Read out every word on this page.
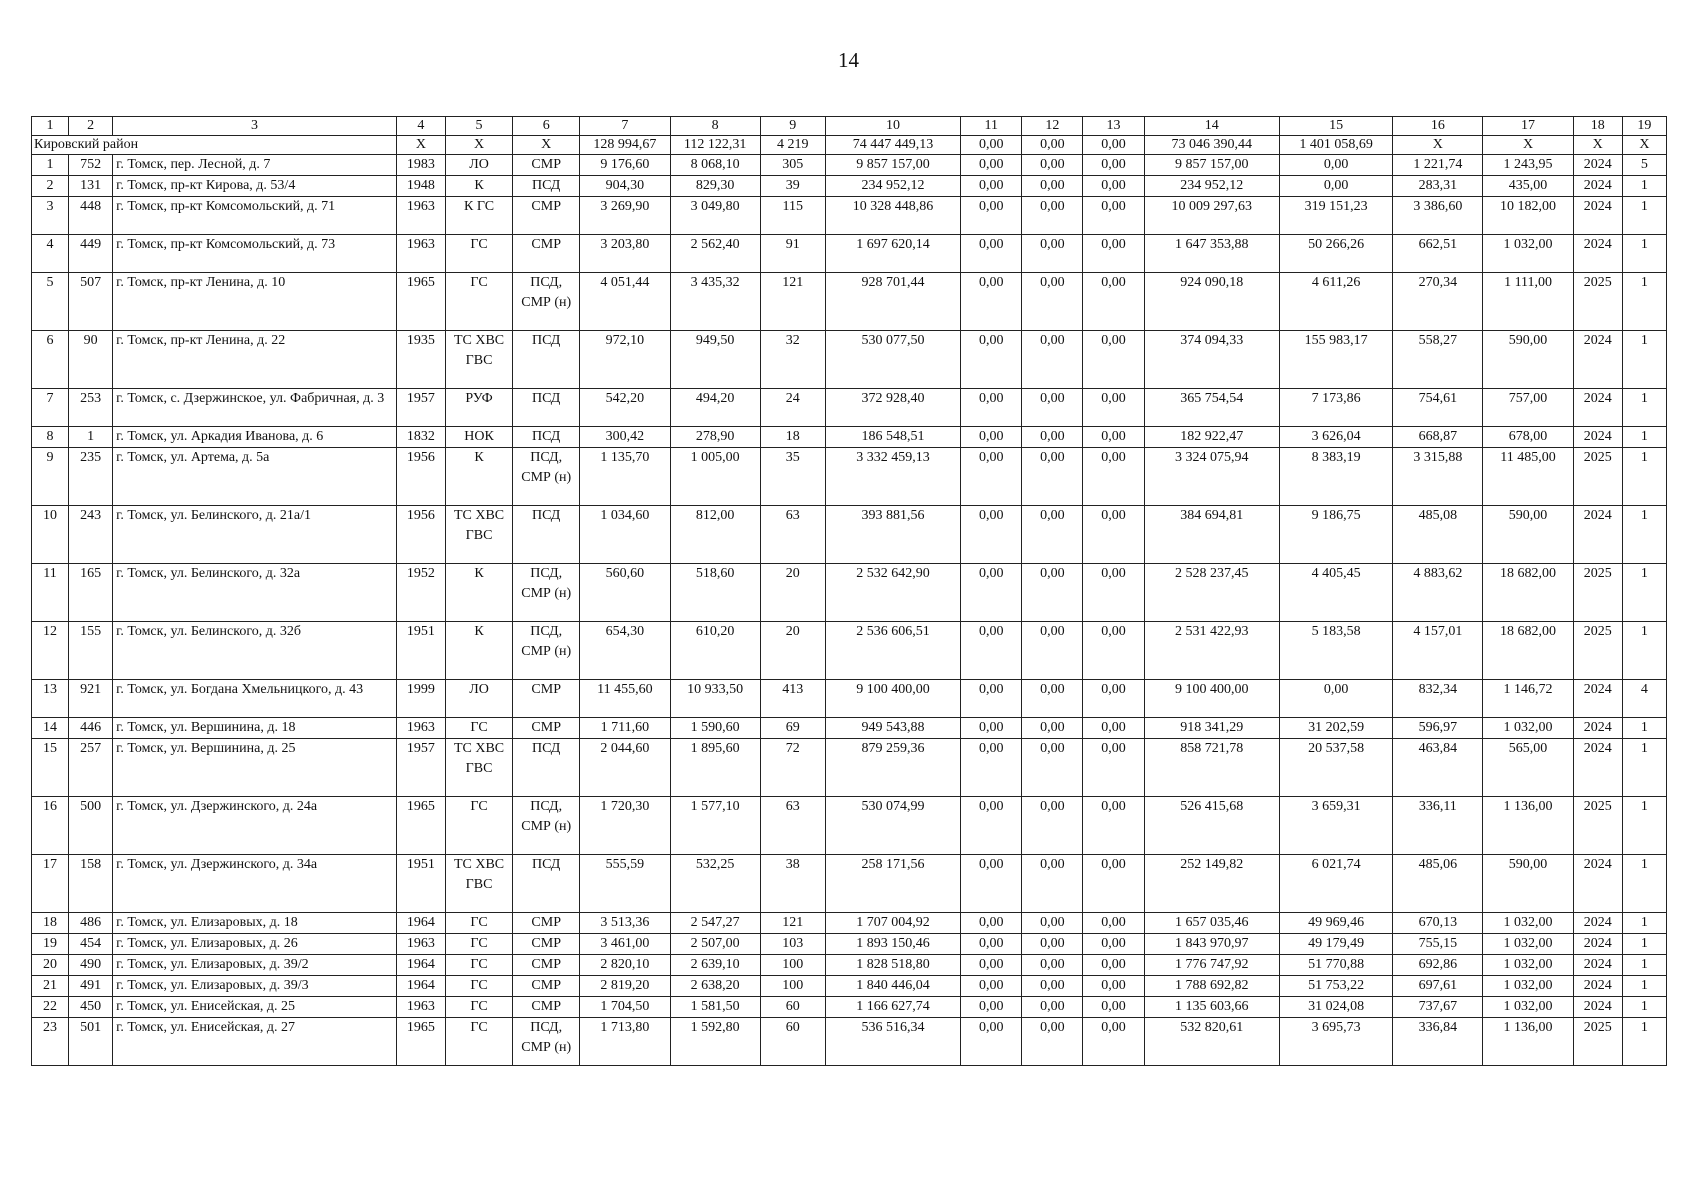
14
1	2	3	4	5	6	7	8	9	10	11	12	13	14	15	16	17	18	19
Кировский район			Х	Х	Х	128 994,67	112 122,31	4 219	74 447 449,13	0,00	0,00	0,00	73 046 390,44	1 401 058,69	Х	Х	Х	Х
1	752	г. Томск, пер. Лесной, д. 7	1983	ЛО	СМР	9 176,60	8 068,10	305	9 857 157,00	0,00	0,00	0,00	9 857 157,00	0,00	1 221,74	1 243,95	2024	5
2	131	г. Томск, пр-кт Кирова, д. 53/4	1948	К	ПСД	904,30	829,30	39	234 952,12	0,00	0,00	0,00	234 952,12	0,00	283,31	435,00	2024	1
3	448	г. Томск, пр-кт Комсомольский, д. 71	1963	К ГС	СМР	3 269,90	3 049,80	115	10 328 448,86	0,00	0,00	0,00	10 009 297,63	319 151,23	3 386,60	10 182,00	2024	1
4	449	г. Томск, пр-кт Комсомольский, д. 73	1963	ГС	СМР	3 203,80	2 562,40	91	1 697 620,14	0,00	0,00	0,00	1 647 353,88	50 266,26	662,51	1 032,00	2024	1
5	507	г. Томск, пр-кт Ленина, д. 10	1965	ГС	ПСД, СМР (н)	4 051,44	3 435,32	121	928 701,44	0,00	0,00	0,00	924 090,18	4 611,26	270,34	1 111,00	2025	1
6	90	г. Томск, пр-кт Ленина, д. 22	1935	ТС ХВС ГВС	ПСД	972,10	949,50	32	530 077,50	0,00	0,00	0,00	374 094,33	155 983,17	558,27	590,00	2024	1
7	253	г. Томск, с. Дзержинское, ул. Фабричная, д. 3	1957	РУФ	ПСД	542,20	494,20	24	372 928,40	0,00	0,00	0,00	365 754,54	7 173,86	754,61	757,00	2024	1
8	1	г. Томск, ул. Аркадия Иванова, д. 6	1832	НОК	ПСД	300,42	278,90	18	186 548,51	0,00	0,00	0,00	182 922,47	3 626,04	668,87	678,00	2024	1
9	235	г. Томск, ул. Артема, д. 5а	1956	К	ПСД, СМР (н)	1 135,70	1 005,00	35	3 332 459,13	0,00	0,00	0,00	3 324 075,94	8 383,19	3 315,88	11 485,00	2025	1
10	243	г. Томск, ул. Белинского, д. 21а/1	1956	ТС ХВС ГВС	ПСД	1 034,60	812,00	63	393 881,56	0,00	0,00	0,00	384 694,81	9 186,75	485,08	590,00	2024	1
11	165	г. Томск, ул. Белинского, д. 32а	1952	К	ПСД, СМР (н)	560,60	518,60	20	2 532 642,90	0,00	0,00	0,00	2 528 237,45	4 405,45	4 883,62	18 682,00	2025	1
12	155	г. Томск, ул. Белинского, д. 32б	1951	К	ПСД, СМР (н)	654,30	610,20	20	2 536 606,51	0,00	0,00	0,00	2 531 422,93	5 183,58	4 157,01	18 682,00	2025	1
13	921	г. Томск, ул. Богдана Хмельницкого, д. 43	1999	ЛО	СМР	11 455,60	10 933,50	413	9 100 400,00	0,00	0,00	0,00	9 100 400,00	0,00	832,34	1 146,72	2024	4
14	446	г. Томск, ул. Вершинина, д. 18	1963	ГС	СМР	1 711,60	1 590,60	69	949 543,88	0,00	0,00	0,00	918 341,29	31 202,59	596,97	1 032,00	2024	1
15	257	г. Томск, ул. Вершинина, д. 25	1957	ТС ХВС ГВС	ПСД	2 044,60	1 895,60	72	879 259,36	0,00	0,00	0,00	858 721,78	20 537,58	463,84	565,00	2024	1
16	500	г. Томск, ул. Дзержинского, д. 24а	1965	ГС	ПСД, СМР (н)	1 720,30	1 577,10	63	530 074,99	0,00	0,00	0,00	526 415,68	3 659,31	336,11	1 136,00	2025	1
17	158	г. Томск, ул. Дзержинского, д. 34а	1951	ТС ХВС ГВС	ПСД	555,59	532,25	38	258 171,56	0,00	0,00	0,00	252 149,82	6 021,74	485,06	590,00	2024	1
18	486	г. Томск, ул. Елизаровых, д. 18	1964	ГС	СМР	3 513,36	2 547,27	121	1 707 004,92	0,00	0,00	0,00	1 657 035,46	49 969,46	670,13	1 032,00	2024	1
19	454	г. Томск, ул. Елизаровых, д. 26	1963	ГС	СМР	3 461,00	2 507,00	103	1 893 150,46	0,00	0,00	0,00	1 843 970,97	49 179,49	755,15	1 032,00	2024	1
20	490	г. Томск, ул. Елизаровых, д. 39/2	1964	ГС	СМР	2 820,10	2 639,10	100	1 828 518,80	0,00	0,00	0,00	1 776 747,92	51 770,88	692,86	1 032,00	2024	1
21	491	г. Томск, ул. Елизаровых, д. 39/3	1964	ГС	СМР	2 819,20	2 638,20	100	1 840 446,04	0,00	0,00	0,00	1 788 692,82	51 753,22	697,61	1 032,00	2024	1
22	450	г. Томск, ул. Енисейская, д. 25	1963	ГС	СМР	1 704,50	1 581,50	60	1 166 627,74	0,00	0,00	0,00	1 135 603,66	31 024,08	737,67	1 032,00	2024	1
23	501	г. Томск, ул. Енисейская, д. 27	1965	ГС	ПСД, СМР (н)	1 713,80	1 592,80	60	536 516,34	0,00	0,00	0,00	532 820,61	3 695,73	336,84	1 136,00	2025	1
